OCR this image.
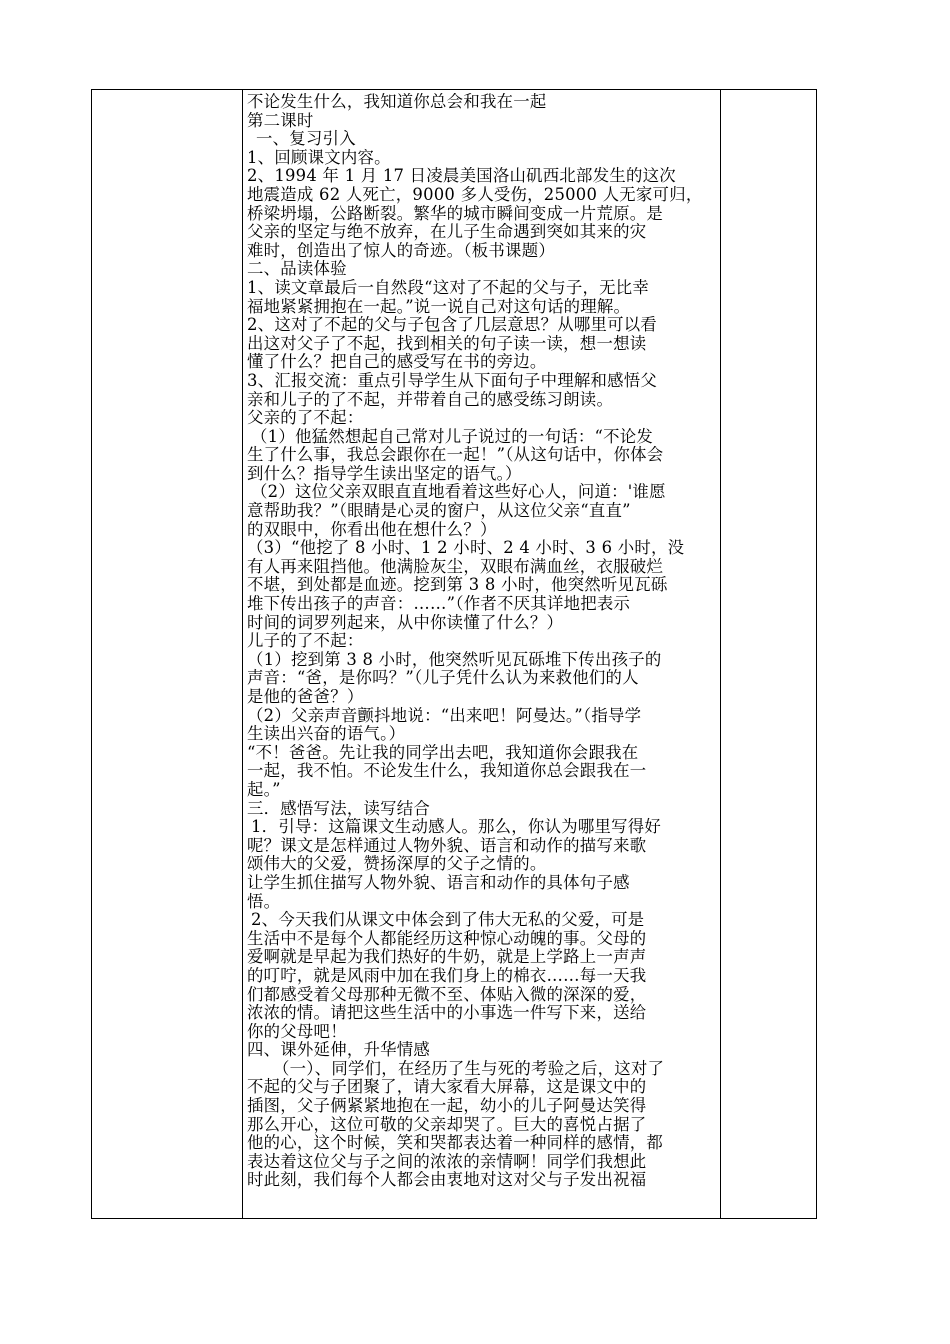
不论发生什么，我知道你总会和我在一起
第二课时
一、复习引入
1、回顾课文内容。
2、1994 年 1 月 17 日凌晨美国洛山矶西北部发生的这次
地震造成 62 人死亡，9000 多人受伤，25000 人无家可归，
桥梁坍塌，公路断裂。繁华的城市瞬间变成一片荒原。是
父亲的坚定与绝不放弃，在儿子生命遇到突如其来的灾
难时，创造出了惊人的奇迹。（板书课题）
二、品读体验
1、读文章最后一自然段“这对了不起的父与子，无比幸
福地紧紧拥抱在一起。”说一说自己对这句话的理解。
2、这对了不起的父与子包含了几层意思？从哪里可以看
出这对父子了不起，找到相关的句子读一读，想一想读
懂了什么？把自己的感受写在书的旁边。
3、汇报交流：重点引导学生从下面句子中理解和感悟父
亲和儿子的了不起，并带着自己的感受练习朗读。
父亲的了不起：
（1）他猛然想起自己常对儿子说过的一句话：“不论发
生了什么事，我总会跟你在一起！”（从这句话中，你体会
到什么？指导学生读出坚定的语气。）
（2）这位父亲双眼直直地看着这些好心人，问道：'谁愿
意帮助我？”（眼睛是心灵的窗户，从这位父亲“直直”
的双眼中，你看出他在想什么？）
（3）“他挖了 8 小时、1 2 小时、2 4 小时、3 6 小时，没
有人再来阻挡他。他满脸灰尘，双眼布满血丝，衣服破烂
不堪，到处都是血迹。挖到第 3 8 小时，他突然听见瓦砾
堆下传出孩子的声音：……”（作者不厌其详地把表示
时间的词罗列起来，从中你读懂了什么？）
儿子的了不起：
（1）挖到第 3 8 小时，他突然听见瓦砾堆下传出孩子的
声音：“爸，是你吗？”（儿子凭什么认为来救他们的人
是他的爸爸？）
（2）父亲声音颤抖地说：“出来吧！阿曼达。”（指导学
生读出兴奋的语气。）
“不！爸爸。先让我的同学出去吧，我知道你会跟我在
一起，我不怕。不论发生什么，我知道你总会跟我在一
起。”
三．感悟写法，读写结合
1．引导：这篇课文生动感人。那么，你认为哪里写得好
呢？课文是怎样通过人物外貌、语言和动作的描写来歌
颂伟大的父爱，赞扬深厚的父子之情的。
让学生抓住描写人物外貌、语言和动作的具体句子感
悟。
2、今天我们从课文中体会到了伟大无私的父爱，可是
生活中不是每个人都能经历这种惊心动魄的事。父母的
爱啊就是早起为我们热好的牛奶，就是上学路上一声声
的叮咛，就是风雨中加在我们身上的棉衣……每一天我
们都感受着父母那种无微不至、体贴入微的深深的爱，
浓浓的情。请把这些生活中的小事选一件写下来，送给
你的父母吧！
四、课外延伸，升华情感
（一）、同学们，在经历了生与死的考验之后，这对了
不起的父与子团聚了，请大家看大屏幕，这是课文中的
插图，父子俩紧紧地抱在一起，幼小的儿子阿曼达笑得
那么开心，这位可敬的父亲却哭了。巨大的喜悦占据了
他的心，这个时候，笑和哭都表达着一种同样的感情，都
表达着这位父与子之间的浓浓的亲情啊！同学们我想此
时此刻，我们每个人都会由衷地对这对父与子发出祝福
